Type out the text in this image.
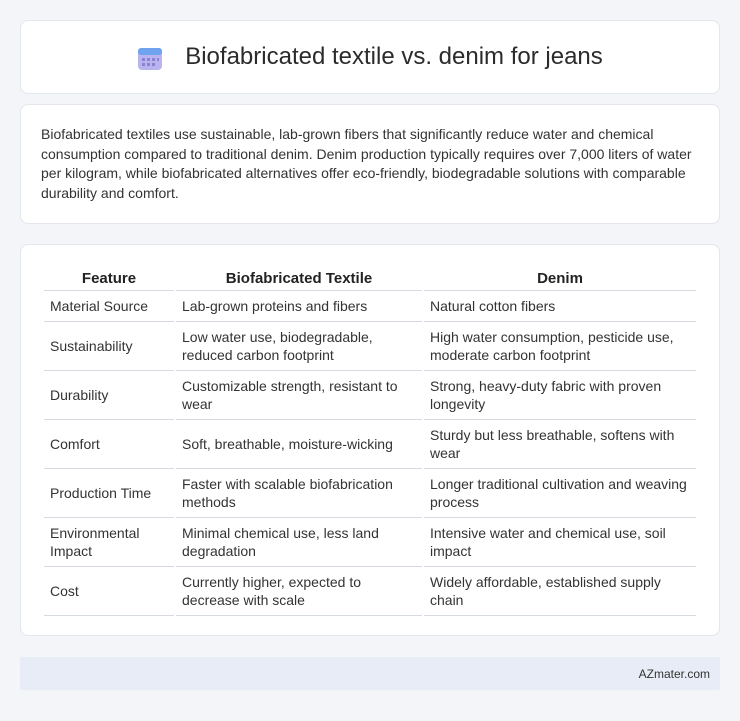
Biofabricated textile vs. denim for jeans

Biofabricated textiles use sustainable, lab-grown fibers that significantly reduce water and chemical consumption compared to traditional denim. Denim production typically requires over 7,000 liters of water per kilogram, while biofabricated alternatives offer eco-friendly, biodegradable solutions with comparable durability and comfort.

Feature	Biofabricated Textile	Denim
Material Source	Lab-grown proteins and fibers	Natural cotton fibers
Sustainability	Low water use, biodegradable, reduced carbon footprint	High water consumption, pesticide use, moderate carbon footprint
Durability	Customizable strength, resistant to wear	Strong, heavy-duty fabric with proven longevity
Comfort	Soft, breathable, moisture-wicking	Sturdy but less breathable, softens with wear
Production Time	Faster with scalable biofabrication methods	Longer traditional cultivation and weaving process
Environmental Impact	Minimal chemical use, less land degradation	Intensive water and chemical use, soil impact
Cost	Currently higher, expected to decrease with scale	Widely affordable, established supply chain
AZmater.com
